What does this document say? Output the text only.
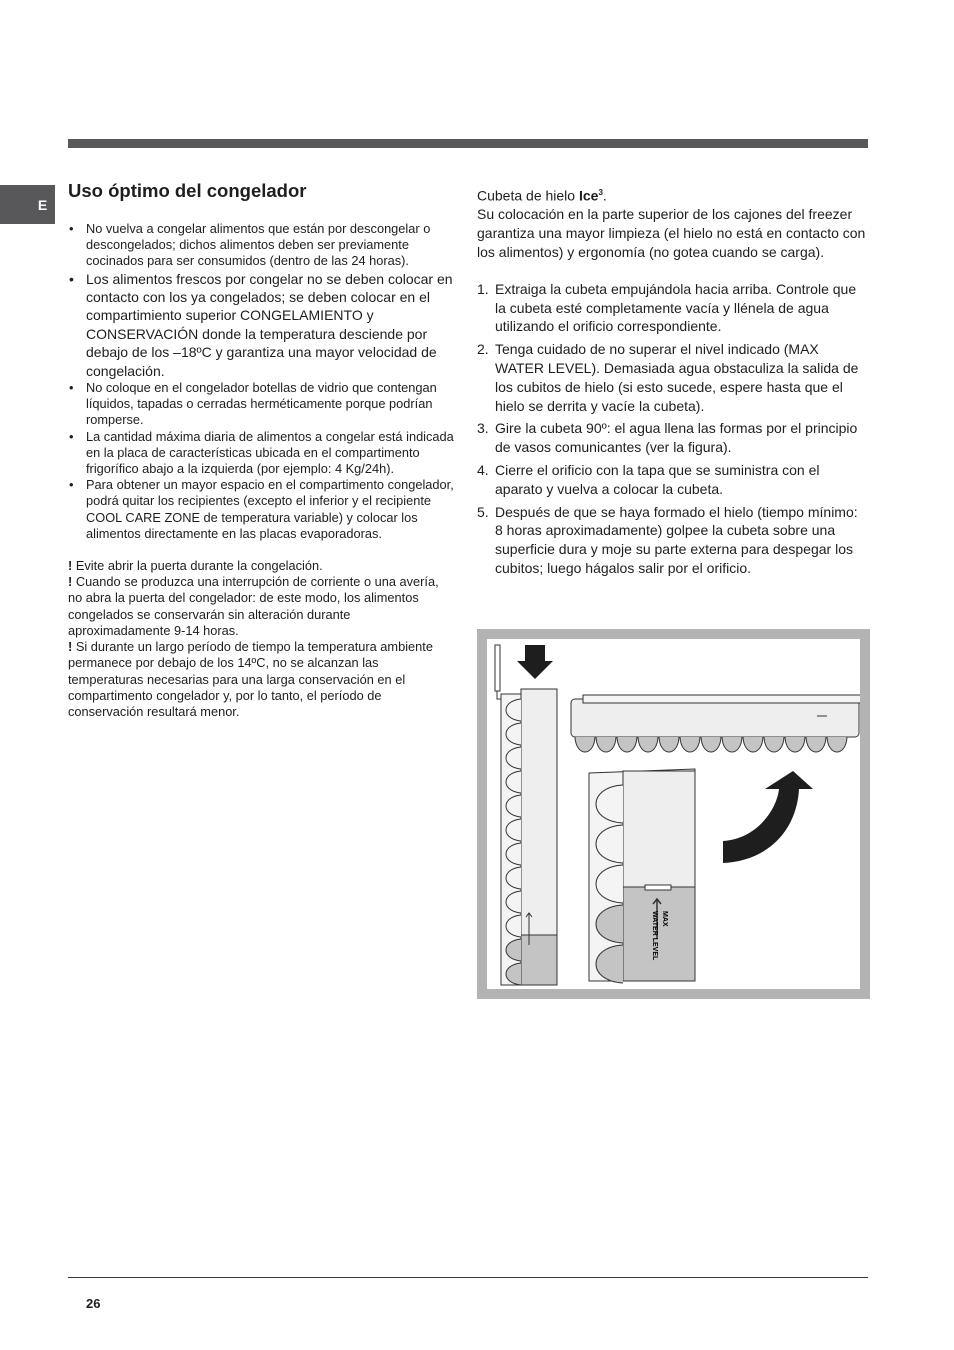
E
Uso óptimo del congelador
• No vuelva a congelar alimentos que están por descongelar o descongelados; dichos alimentos deben ser previamente cocinados para ser consumidos (dentro de las 24 horas).
• Los alimentos frescos por congelar no se deben colocar en contacto con los ya congelados; se deben colocar en el compartimiento superior CONGELAMIENTO y CONSERVACIÓN donde la temperatura desciende por debajo de los –18ºC y garantiza una mayor velocidad de congelación.
• No coloque en el congelador botellas de vidrio que contengan líquidos, tapadas o cerradas herméticamente porque podrían romperse.
• La cantidad máxima diaria de alimentos a congelar está indicada en la placa de características ubicada en el compartimento frigorífico abajo a la izquierda (por ejemplo: 4 Kg/24h).
• Para obtener un mayor espacio en el compartimento congelador, podrá quitar los recipientes (excepto el inferior y el recipiente COOL CARE ZONE de temperatura variable) y colocar los alimentos directamente en las placas evaporadoras.

! Evite abrir la puerta durante la congelación.

! Cuando se produzca una interrupción de corriente o una avería, no abra la puerta del congelador: de este modo, los alimentos congelados se conservarán sin alteración durante aproximadamente 9-14 horas.

! Si durante un largo período de tiempo la temperatura ambiente permanece por debajo de los 14ºC, no se alcanzan las temperaturas necesarias para una larga conservación en el compartimento congelador y, por lo tanto, el período de conservación resultará menor.

Cubeta de hielo Ice$^3$.

Su colocación en la parte superior de los cajones del freezer garantiza una mayor limpieza (el hielo no está en contacto con los alimentos) y ergonomía (no gotea cuando se carga).

1. Extraiga la cubeta empujándola hacia arriba. Controle que la cubeta esté completamente vacía y llénela de agua utilizando el orificio correspondiente.
2. Tenga cuidado de no superar el nivel indicado (MAX WATER LEVEL). Demasiada agua obstaculiza la salida de los cubitos de hielo (si esto sucede, espere hasta que el hielo se derrita y vacíe la cubeta).
3. Gire la cubeta 90º: el agua llena las formas por el principio de vasos comunicantes (ver la figura).
4. Cierre el orificio con la tapa que se suministra con el aparato y vuelva a colocar la cubeta.
5. Después de que se haya formado el hielo (tiempo mínimo: 8 horas aproximadamente) golpee la cubeta sobre una superficie dura y moje su parte externa para despegar los cubitos; luego hágalos salir por el orificio.
MAX
WATER LEVEL
26
